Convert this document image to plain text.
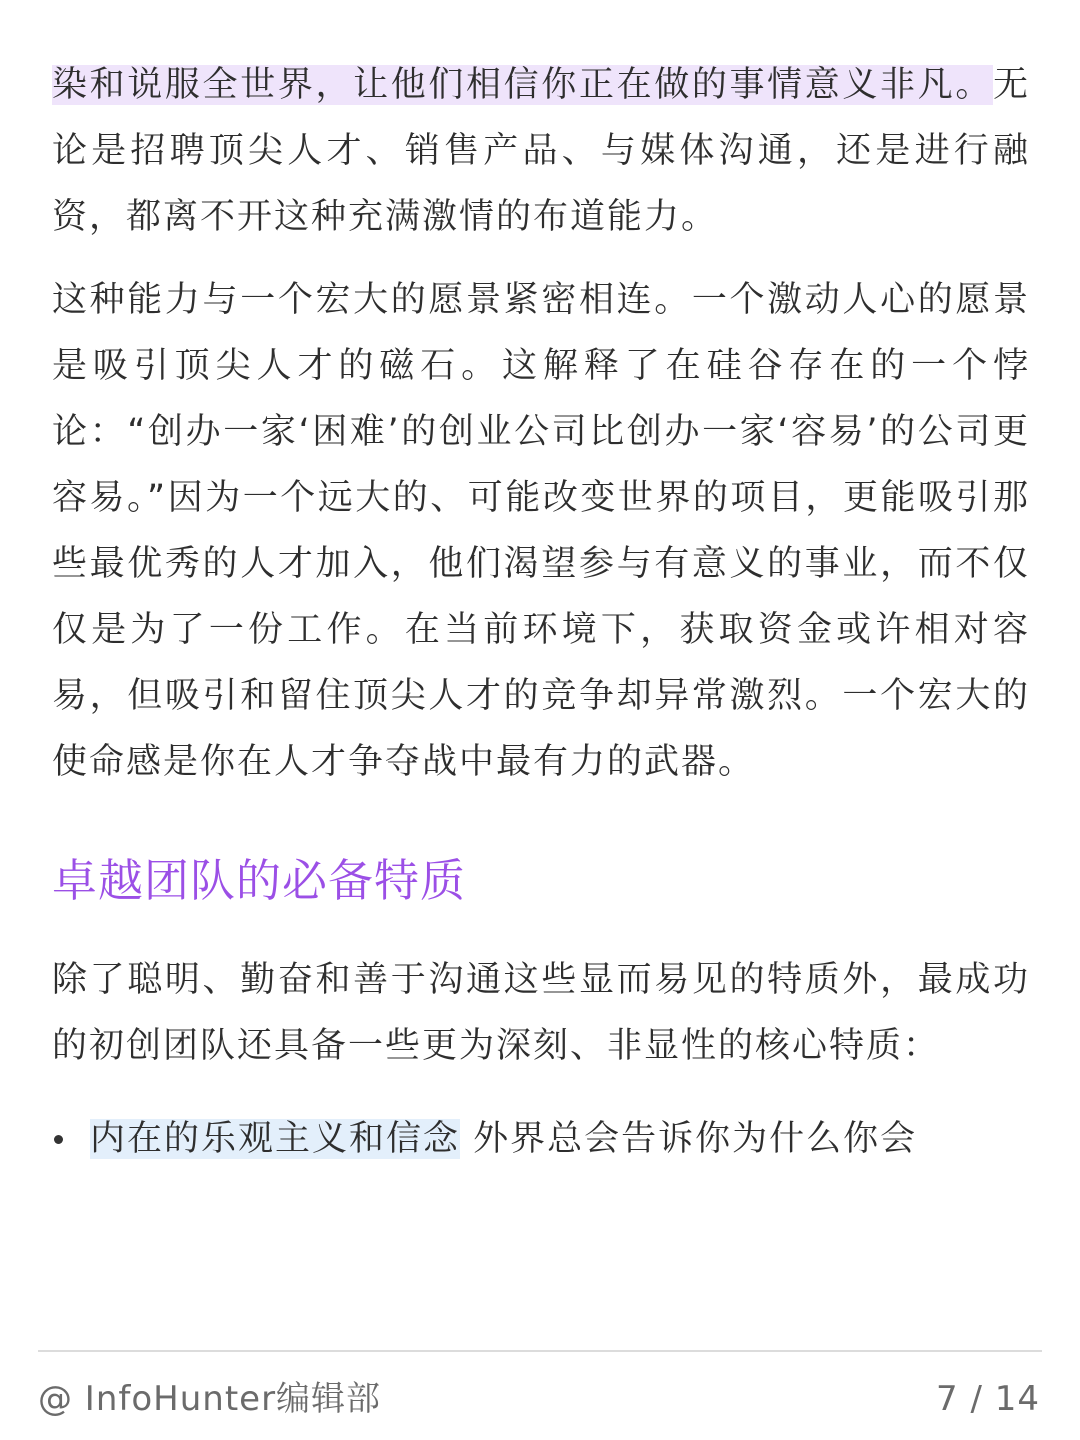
染和说服全世界，让他们相信你正在做的事情意义非凡。无论是招聘顶尖人才、销售产品、与媒体沟通，还是进行融资，都离不开这种充满激情的布道能力。

这种能力与一个宏大的愿景紧密相连。一个激动人心的愿景是吸引顶尖人才的磁石。这解释了在硅谷存在的一个悖论：“创办一家‘困难’的创业公司比创办一家‘容易’的公司更容易。”因为一个远大的、可能改变世界的项目，更能吸引那些最优秀的人才加入，他们渴望参与有意义的事业，而不仅仅是为了一份工作。在当前环境下，获取资金或许相对容易，但吸引和留住顶尖人才的竞争却异常激烈。一个宏大的使命感是你在人才争夺战中最有力的武器。

卓越团队的必备特质

除了聪明、勤奋和善于沟通这些显而易见的特质外，最成功的初创团队还具备一些更为深刻、非显性的核心特质：

内在的乐观主义和信念 外界总会告诉你为什么你会
@ InfoHunter编辑部	7 / 14
